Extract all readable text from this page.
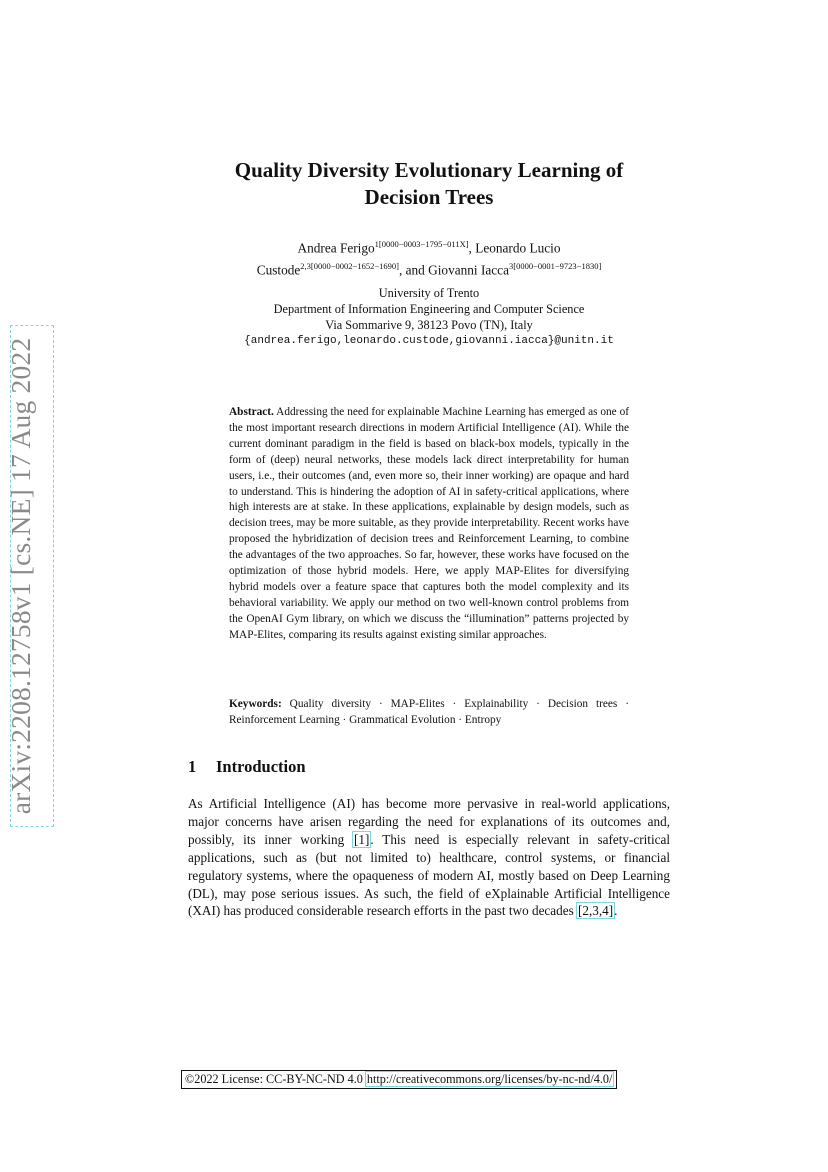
arXiv:2208.12758v1 [cs.NE] 17 Aug 2022
Quality Diversity Evolutionary Learning of
Decision Trees
Andrea Ferigo$^{1[0000-0003-1795-011X]}$, Leonardo Lucio
Custode$^{2,3[0000-0002-1652-1690]}$, and Giovanni Iacca$^{3[0000-0001-9723-1830]}$
University of Trento
Department of Information Engineering and Computer Science
Via Sommarive 9, 38123 Povo (TN), Italy
{andrea.ferigo,leonardo.custode,giovanni.iacca}@unitn.it
Abstract. Addressing the need for explainable Machine Learning has emerged as one of the most important research directions in modern Artificial Intelligence (AI). While the current dominant paradigm in the field is based on black-box models, typically in the form of (deep) neural networks, these models lack direct interpretability for human users, i.e., their outcomes (and, even more so, their inner working) are opaque and hard to understand. This is hindering the adoption of AI in safety-critical applications, where high interests are at stake. In these applications, explainable by design models, such as decision trees, may be more suitable, as they provide interpretability. Recent works have proposed the hybridization of decision trees and Reinforcement Learning, to combine the advantages of the two approaches. So far, however, these works have focused on the optimization of those hybrid models. Here, we apply MAP-Elites for diversifying hybrid models over a feature space that captures both the model complexity and its behavioral variability. We apply our method on two well-known control problems from the OpenAI Gym library, on which we discuss the “illumination” patterns projected by MAP-Elites, comparing its results against existing similar approaches.
Keywords: Quality diversity · MAP-Elites · Explainability · Decision trees · Reinforcement Learning · Grammatical Evolution · Entropy
1 Introduction
As Artificial Intelligence (AI) has become more pervasive in real-world applications, major concerns have arisen regarding the need for explanations of its outcomes and, possibly, its inner working [1]. This need is especially relevant in safety-critical applications, such as (but not limited to) healthcare, control systems, or financial regulatory systems, where the opaqueness of modern AI, mostly based on Deep Learning (DL), may pose serious issues. As such, the field of eXplainable Artificial Intelligence (XAI) has produced considerable research efforts in the past two decades [2,3,4].
©2022 License: CC-BY-NC-ND 4.0 http://creativecommons.org/licenses/by-nc-nd/4.0/
